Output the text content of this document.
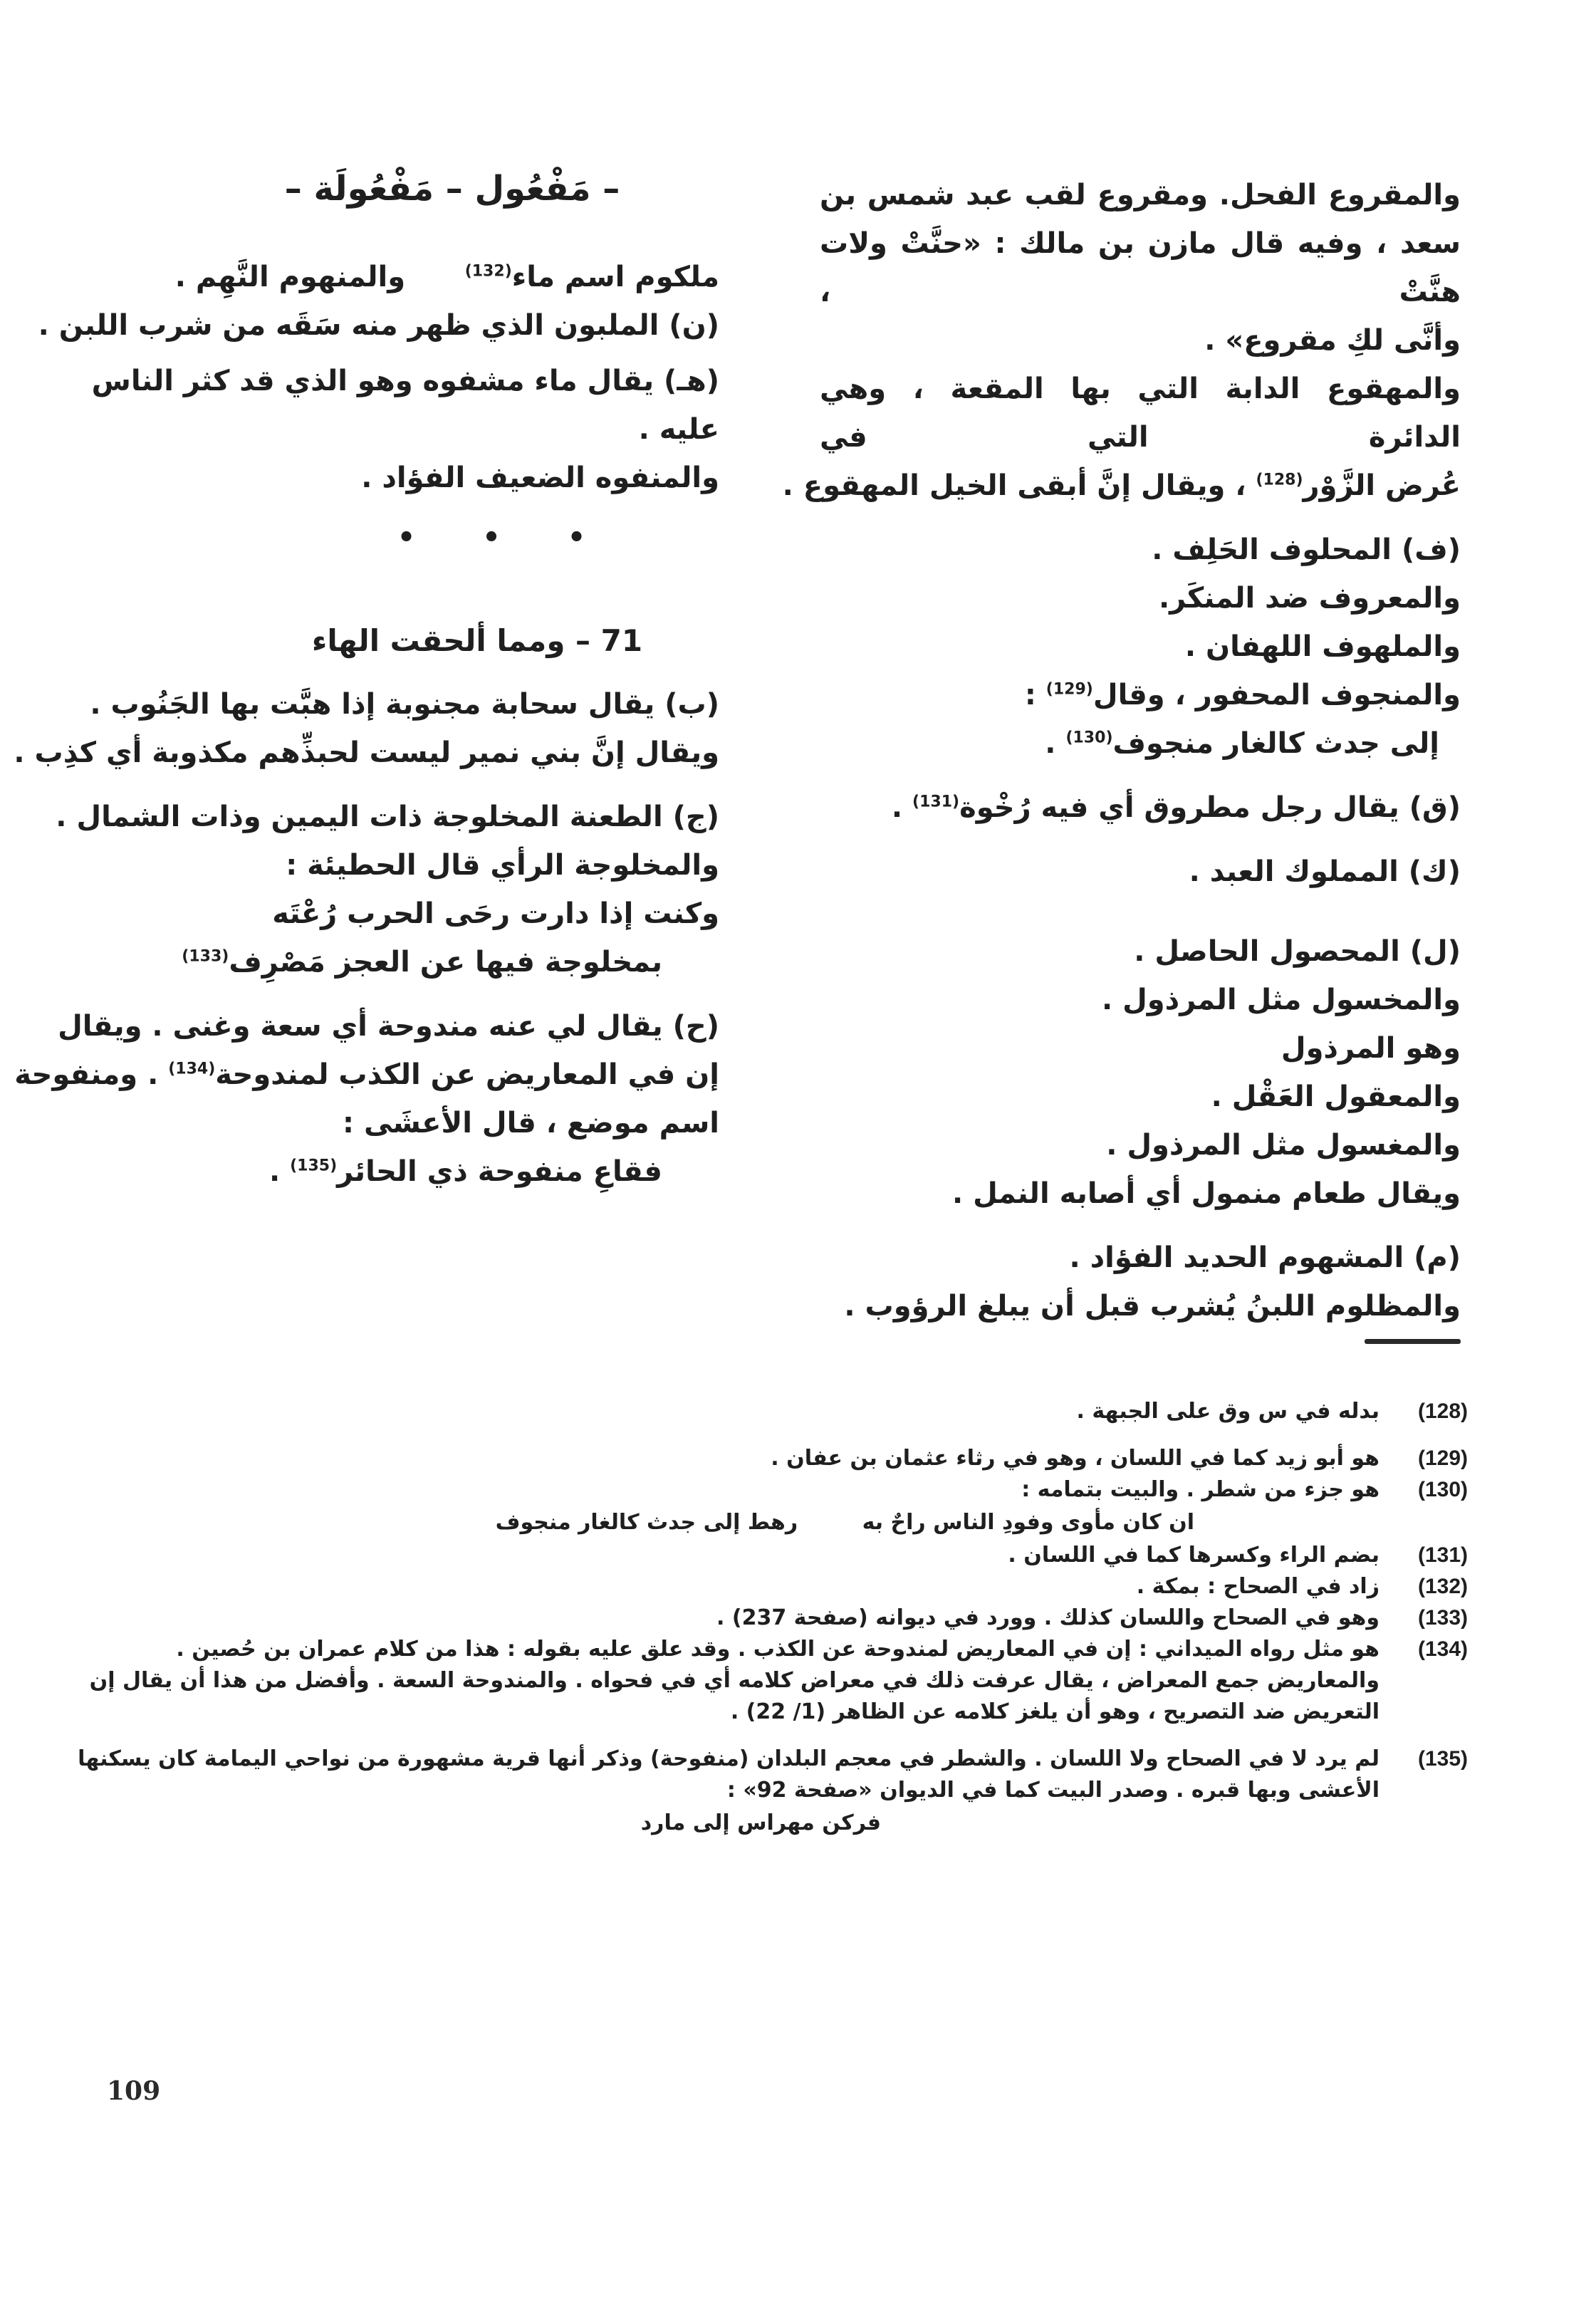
والمقروع الفحل. ومقروع لقب عبد شمس بن
سعد ، وفيه قال مازن بن مالك : «حنَّتْ ولات هنَّتْ ،
وأنَّى لكِ مقروع» .
والمهقوع الدابة التي بها المقعة ، وهي الدائرة التي في
عُرض الزَّوْر$^{(128)}$ ، ويقال إنَّ أبقى الخيل المهقوع .
(ف) المحلوف الحَلِف .
والمعروف ضد المنكَر.
والملهوف اللهفان .
والمنجوف المحفور ، وقال$^{(129)}$ :
إلى جدث كالغار منجوف$^{(130)}$ .
(ق) يقال رجل مطروق أي فيه رُخْوة$^{(131)}$ .
(ك) المملوك العبد .
(ل) المحصول الحاصل .
والمخسول مثل المرذول .
وهو المرذول
والمعقول العَقْل .
والمغسول مثل المرذول .
ويقال طعام منمول أي أصابه النمل .
(م) المشهوم الحديد الفؤاد .
والمظلوم اللبنُ يُشرب قبل أن يبلغ الرؤوب .
– مَفْعُول – مَفْعُولَة –
ملكوم اسم ماء$^{(132)}$      والمنهوم النَّهِم .
(ن) الملبون الذي ظهر منه سَقَه من شرب اللبن .
(هـ) يقال ماء مشفوه وهو الذي قد كثر الناس
عليه .
والمنفوه الضعيف الفؤاد .
• • •
71 – ومما ألحقت الهاء
(ب) يقال سحابة مجنوبة إذا هبَّت بها الجَنُوب .
ويقال إنَّ بني نمير ليست لحبذِّهم مكذوبة أي كذِب .
(ج) الطعنة المخلوجة ذات اليمين وذات الشمال .
والمخلوجة الرأي قال الحطيئة :
وكنت إذا دارت رحَى الحرب رُعْتَه
بمخلوجة فيها عن العجز مَصْرِف$^{(133)}$
(ح) يقال لي عنه مندوحة أي سعة وغنى . ويقال
إن في المعاريض عن الكذب لمندوحة$^{(134)}$ . ومنفوحة
اسم موضع ، قال الأعشَى :
فقاعِ منفوحة ذي الحائر$^{(135)}$ .
(128)
بدله في س وق على الجبهة .
(129)
هو أبو زيد كما في اللسان ، وهو في رثاء عثمان بن عفان .
(130)
هو جزء من شطر . والبيت بتمامه :
ان كان مأوى وفودِ الناس راحٌ به رهط إلى جدث كالغار منجوف
(131)
بضم الراء وكسرها كما في اللسان .
(132)
زاد في الصحاح : بمكة .
(133)
وهو في الصحاح واللسان كذلك . وورد في ديوانه (صفحة 237) .
(134)
هو مثل رواه الميداني : إن في المعاريض لمندوحة عن الكذب . وقد علق عليه بقوله : هذا من كلام عمران بن حُصين .
والمعاريض جمع المعراض ، يقال عرفت ذلك في معراض كلامه أي في فحواه . والمندوحة السعة . وأفضل من هذا أن يقال إن
التعريض ضد التصريح ، وهو أن يلغز كلامه عن الظاهر (1/ 22) .
(135)
لم يرد لا في الصحاح ولا اللسان . والشطر في معجم البلدان (منفوحة) وذكر أنها قرية مشهورة من نواحي اليمامة كان يسكنها
الأعشى وبها قبره . وصدر البيت كما في الديوان «صفحة 92» :
فركن مهراس إلى مارد
109
